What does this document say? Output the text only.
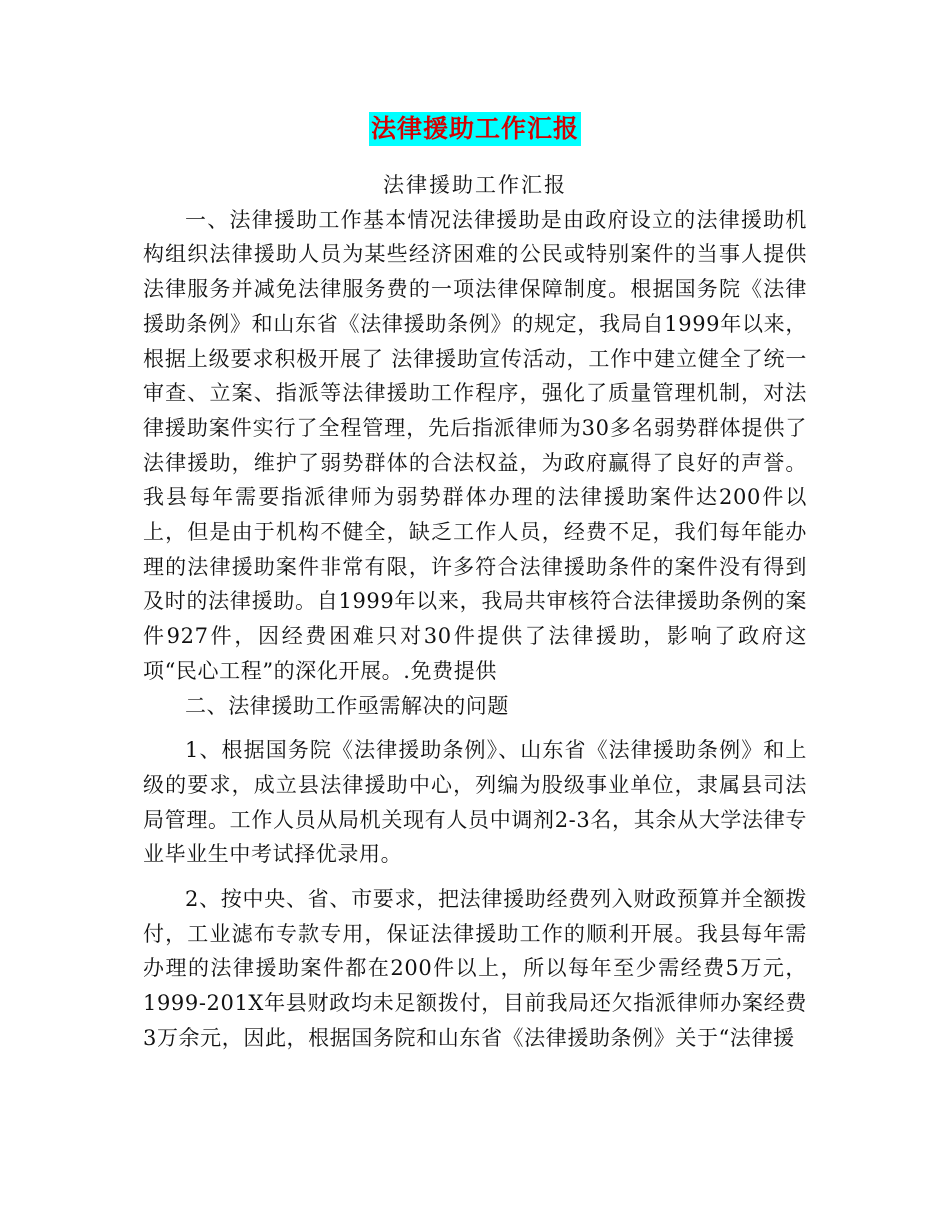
法律援助工作汇报

法律援助工作汇报

一、法律援助工作基本情况法律援助是由政府设立的法律援助机构组织法律援助人员为某些经济困难的公民或特别案件的当事人提供法律服务并减免法律服务费的一项法律保障制度。根据国务院《法律援助条例》和山东省《法律援助条例》的规定，我局自1999年以来，根据上级要求积极开展了 法律援助宣传活动，工作中建立健全了统一审查、立案、指派等法律援助工作程序，强化了质量管理机制，对法律援助案件实行了全程管理，先后指派律师为30多名弱势群体提供了法律援助，维护了弱势群体的合法权益，为政府赢得了良好的声誉。我县每年需要指派律师为弱势群体办理的法律援助案件达200件以上，但是由于机构不健全，缺乏工作人员，经费不足，我们每年能办理的法律援助案件非常有限，许多符合法律援助条件的案件没有得到及时的法律援助。自1999年以来，我局共审核符合法律援助条例的案件927件，因经费困难只对30件提供了法律援助，影响了政府这项“民心工程”的深化开展。.免费提供

二、法律援助工作亟需解决的问题

1、根据国务院《法律援助条例》、山东省《法律援助条例》和上级的要求，成立县法律援助中心，列编为股级事业单位，隶属县司法局管理。工作人员从局机关现有人员中调剂2-3名，其余从大学法律专业毕业生中考试择优录用。

2、按中央、省、市要求，把法律援助经费列入财政预算并全额拨付，工业滤布专款专用，保证法律援助工作的顺利开展。我县每年需办理的法律援助案件都在200件以上，所以每年至少需经费5万元，1999-201X年县财政均未足额拨付，目前我局还欠指派律师办案经费3万余元，因此，根据国务院和山东省《法律援助条例》关于“法律援
